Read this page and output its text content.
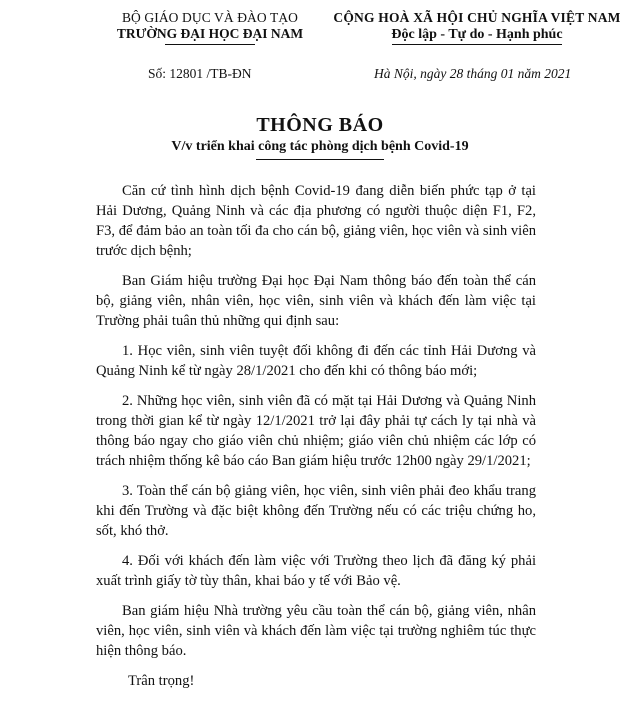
BỘ GIÁO DỤC VÀ ĐÀO TẠO
TRƯỜNG ĐẠI HỌC ĐẠI NAM
CỘNG HOÀ XÃ HỘI CHỦ NGHĨA VIỆT NAM
Độc lập - Tự do - Hạnh phúc
Số: 12801 /TB-ĐN	Hà Nội, ngày 28 tháng 01 năm 2021
THÔNG BÁO
V/v triển khai công tác phòng dịch bệnh Covid-19

Căn cứ tình hình dịch bệnh Covid-19 đang diễn biến phức tạp ở tại Hải Dương, Quảng Ninh và các địa phương có người thuộc diện F1, F2, F3, để đảm bảo an toàn tối đa cho cán bộ, giảng viên, học viên và sinh viên trước dịch bệnh;

Ban Giám hiệu trường Đại học Đại Nam thông báo đến toàn thể cán bộ, giảng viên, nhân viên, học viên, sinh viên và khách đến làm việc tại Trường phải tuân thủ những qui định sau:

1. Học viên, sinh viên tuyệt đối không đi đến các tỉnh Hải Dương và Quảng Ninh kể từ ngày 28/1/2021 cho đến khi có thông báo mới;

2. Những học viên, sinh viên đã có mặt tại Hải Dương và Quảng Ninh trong thời gian kể từ ngày 12/1/2021 trở lại đây phải tự cách ly tại nhà và thông báo ngay cho giáo viên chủ nhiệm; giáo viên chủ nhiệm các lớp có trách nhiệm thống kê báo cáo Ban giám hiệu trước 12h00 ngày 29/1/2021;

3. Toàn thể cán bộ giảng viên, học viên, sinh viên phải đeo khẩu trang khi đến Trường và đặc biệt không đến Trường nếu có các triệu chứng ho, sốt, khó thở.

4. Đối với khách đến làm việc với Trường theo lịch đã đăng ký phải xuất trình giấy tờ tùy thân, khai báo y tế với Bảo vệ.

Ban giám hiệu Nhà trường yêu cầu toàn thể cán bộ, giảng viên, nhân viên, học viên, sinh viên và khách đến làm việc tại trường nghiêm túc thực hiện thông báo.

Trân trọng!
